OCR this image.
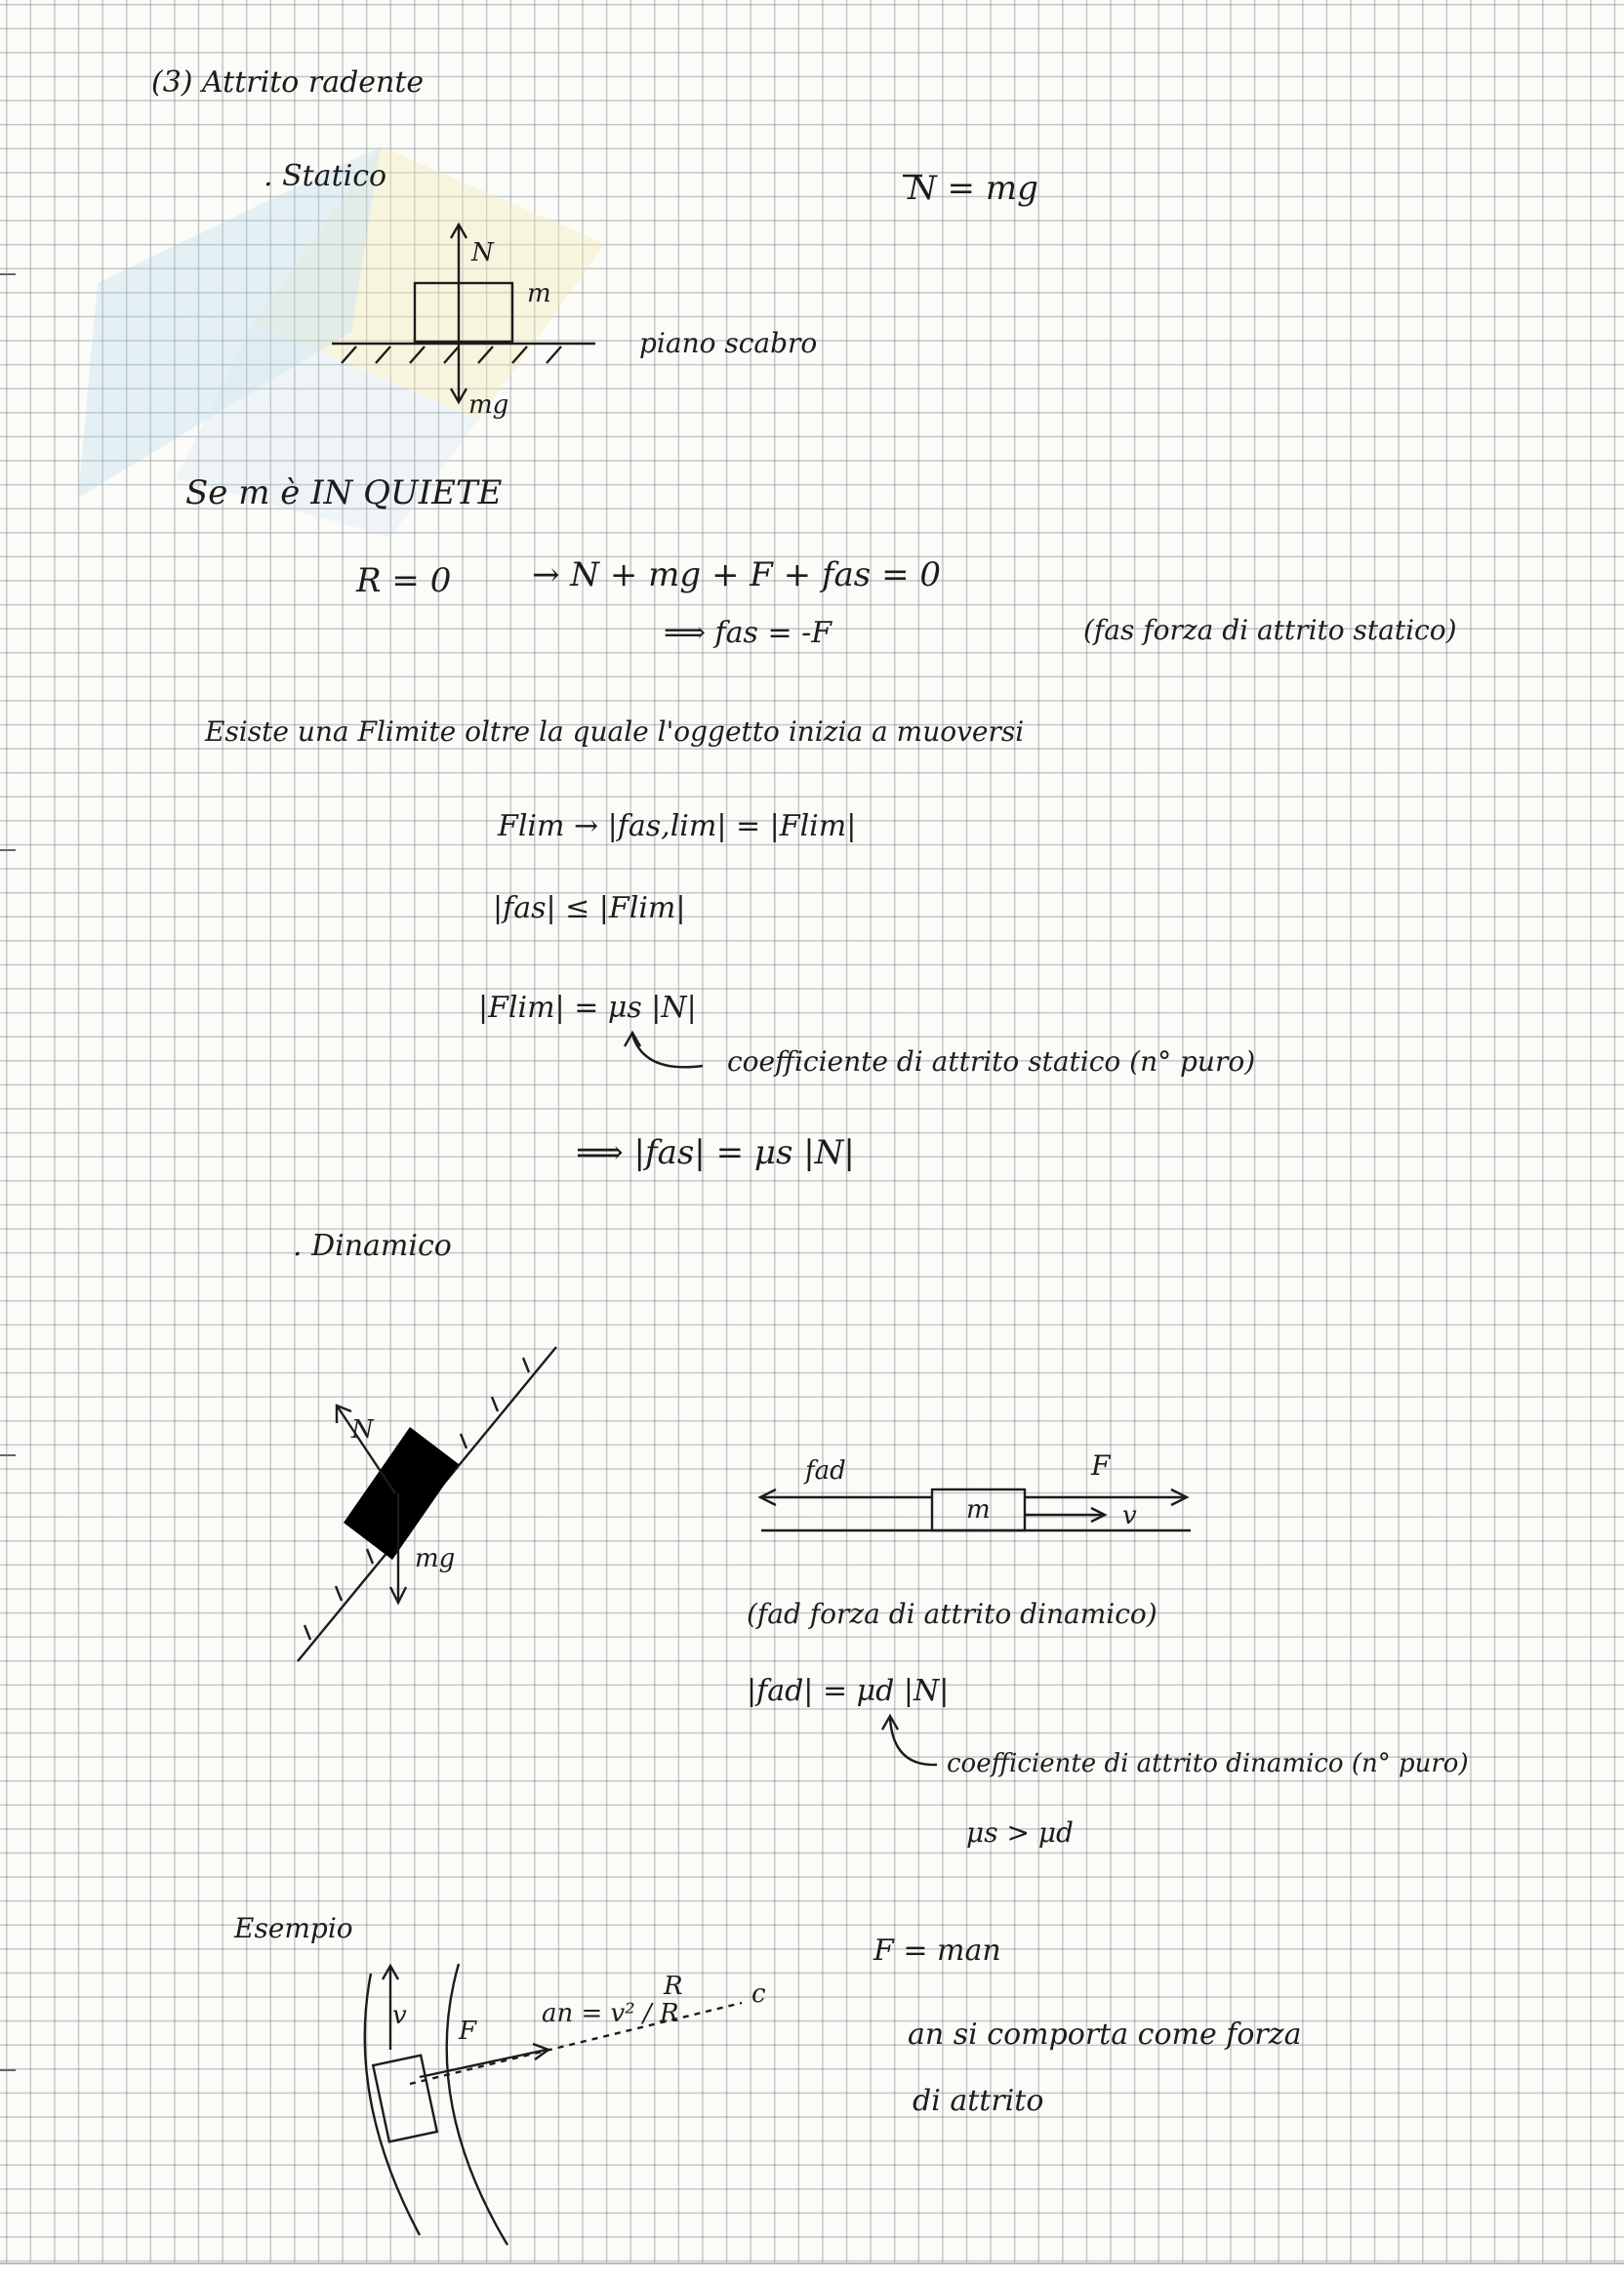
(3) Attrito radente
. Statico	N = mg
N
m
mg
piano scabro
Se m è IN QUIETE
R = 0 → N + mg + F + fas = 0
⟹ fas = -F	(fas forza di attrito statico)
Esiste una Flimite oltre la quale l'oggetto inizia a muoversi
Flim → |fas,lim| = |Flim|
|fas| ≤ |Flim|
|Flim| = μs |N|
coefficiente di attrito statico (n° puro)
⟹ |fas| = μs |N|
. Dinamico
N
mg
fad	F
m	v
(fad forza di attrito dinamico)
|fad| = μd |N|
coefficiente di attrito dinamico (n° puro)
μs > μd
Esempio
F = man
v
F
an = v² / R
R	c
an si comporta come forza
di attrito
